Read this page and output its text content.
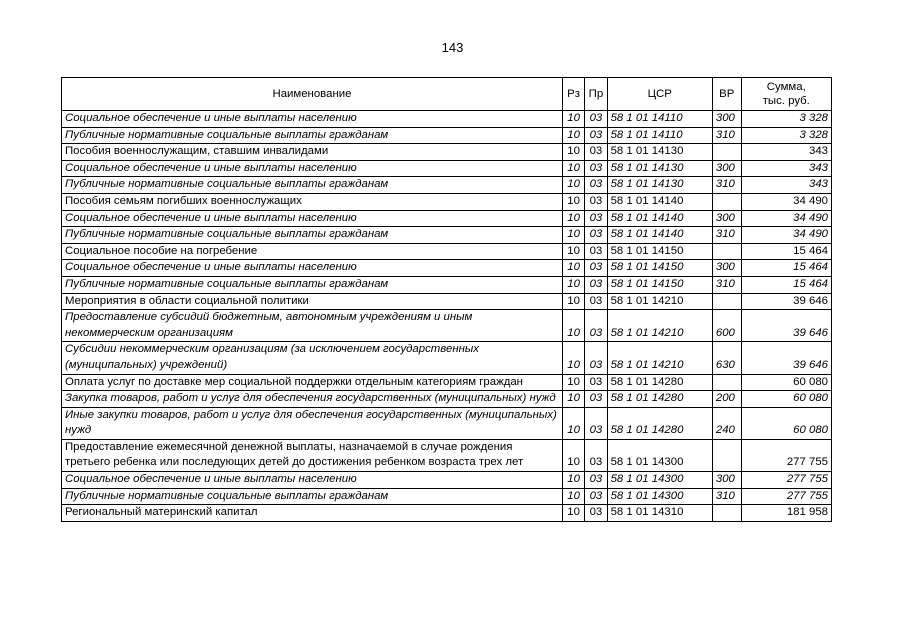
143
Наименование	Рз	Пр	ЦСР	ВР	Сумма,
тыс. руб.

Социальное обеспечение и иные выплаты населению	10	03	58 1 01 14110	300	3 328
Публичные нормативные социальные выплаты гражданам	10	03	58 1 01 14110	310	3 328
Пособия военнослужащим, ставшим инвалидами	10	03	58 1 01 14130		343
Социальное обеспечение и иные выплаты населению	10	03	58 1 01 14130	300	343
Публичные нормативные социальные выплаты гражданам	10	03	58 1 01 14130	310	343
Пособия семьям погибших военнослужащих	10	03	58 1 01 14140		34 490
Социальное обеспечение и иные выплаты населению	10	03	58 1 01 14140	300	34 490
Публичные нормативные социальные выплаты гражданам	10	03	58 1 01 14140	310	34 490
Социальное пособие на погребение	10	03	58 1 01 14150		15 464
Социальное обеспечение и иные выплаты населению	10	03	58 1 01 14150	300	15 464
Публичные нормативные социальные выплаты гражданам	10	03	58 1 01 14150	310	15 464
Мероприятия в области социальной политики	10	03	58 1 01 14210		39 646
Предоставление субсидий бюджетным, автономным учреждениям и иным некоммерческим организациям	10	03	58 1 01 14210	600	39 646
Субсидии некоммерческим организациям (за исключением государственных (муниципальных) учреждений)	10	03	58 1 01 14210	630	39 646
Оплата услуг по доставке мер социальной поддержки отдельным категориям граждан	10	03	58 1 01 14280		60 080
Закупка товаров, работ и услуг для обеспечения государственных (муниципальных) нужд	10	03	58 1 01 14280	200	60 080
Иные закупки товаров, работ и услуг для обеспечения государственных (муниципальных) нужд	10	03	58 1 01 14280	240	60 080
Предоставление ежемесячной денежной выплаты, назначаемой в случае рождения третьего ребенка или последующих детей до достижения ребенком возраста трех лет	10	03	58 1 01 14300		277 755
Социальное обеспечение и иные выплаты населению	10	03	58 1 01 14300	300	277 755
Публичные нормативные социальные выплаты гражданам	10	03	58 1 01 14300	310	277 755
Региональный материнский капитал	10	03	58 1 01 14310		181 958
